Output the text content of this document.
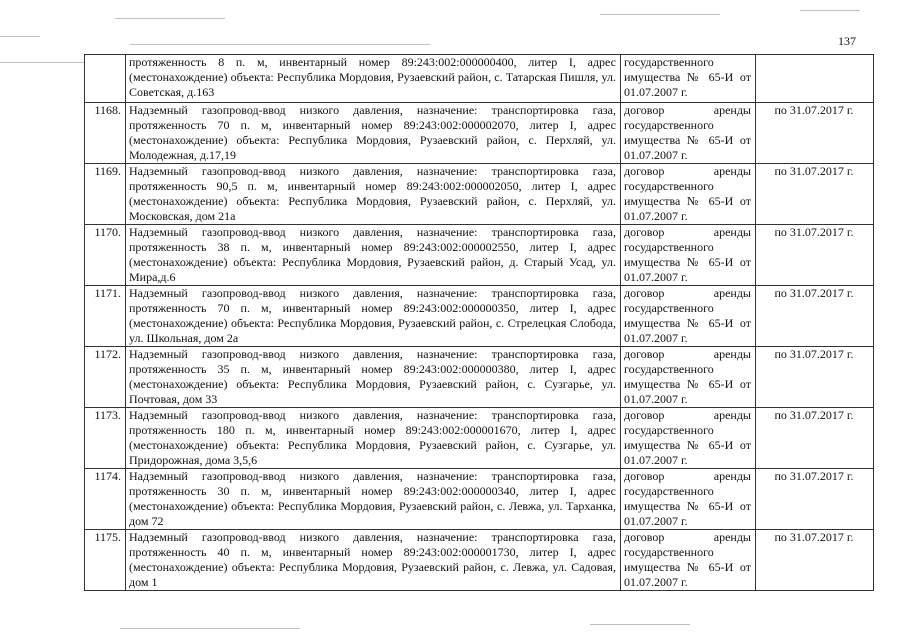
137
	протяженность 8 п. м, инвентарный номер 89:243:002:000000400, литер I, адрес (местонахождение) объекта: Республика Мордовия, Рузаевский район, с. Татарская Пишля, ул. Советская, д.163	государственного имущества № 65-И от 01.07.2007 г.	
1168.	Надземный газопровод-ввод низкого давления, назначение: транспортировка газа, протяженность 70 п. м, инвентарный номер 89:243:002:000002070, литер I, адрес (местонахождение) объекта: Республика Мордовия, Рузаевский район, с. Перхляй, ул. Молодежная, д.17,19	договор аренды государственного имущества № 65-И от 01.07.2007 г.	по 31.07.2017 г.
1169.	Надземный газопровод-ввод низкого давления, назначение: транспортировка газа, протяженность 90,5 п. м, инвентарный номер 89:243:002:000002050, литер I, адрес (местонахождение) объекта: Республика Мордовия, Рузаевский район, с. Перхляй, ул. Московская, дом 21а	договор аренды государственного имущества № 65-И от 01.07.2007 г.	по 31.07.2017 г.
1170.	Надземный газопровод-ввод низкого давления, назначение: транспортировка газа, протяженность 38 п. м, инвентарный номер 89:243:002:000002550, литер I, адрес (местонахождение) объекта: Республика Мордовия, Рузаевский район, д. Старый Усад, ул. Мира,д.6	договор аренды государственного имущества № 65-И от 01.07.2007 г.	по 31.07.2017 г.
1171.	Надземный газопровод-ввод низкого давления, назначение: транспортировка газа, протяженность 70 п. м, инвентарный номер 89:243:002:000000350, литер I, адрес (местонахождение) объекта: Республика Мордовия, Рузаевский район, с. Стрелецкая Слобода, ул. Школьная, дом 2а	договор аренды государственного имущества № 65-И от 01.07.2007 г.	по 31.07.2017 г.
1172.	Надземный газопровод-ввод низкого давления, назначение: транспортировка газа, протяженность 35 п. м, инвентарный номер 89:243:002:000000380, литер I, адрес (местонахождение) объекта: Республика Мордовия, Рузаевский район, с. Сузгарье, ул. Почтовая, дом 33	договор аренды государственного имущества № 65-И от 01.07.2007 г.	по 31.07.2017 г.
1173.	Надземный газопровод-ввод низкого давления, назначение: транспортировка газа, протяженность 180 п. м, инвентарный номер 89:243:002:000001670, литер I, адрес (местонахождение) объекта: Республика Мордовия, Рузаевский район, с. Сузгарье, ул. Придорожная, дома 3,5,6	договор аренды государственного имущества № 65-И от 01.07.2007 г.	по 31.07.2017 г.
1174.	Надземный газопровод-ввод низкого давления, назначение: транспортировка газа, протяженность 30 п. м, инвентарный номер 89:243:002:000000340, литер I, адрес (местонахождение) объекта: Республика Мордовия, Рузаевский район, с. Левжа, ул. Тарханка, дом 72	договор аренды государственного имущества № 65-И от 01.07.2007 г.	по 31.07.2017 г.
1175.	Надземный газопровод-ввод низкого давления, назначение: транспортировка газа, протяженность 40 п. м, инвентарный номер 89:243:002:000001730, литер I, адрес (местонахождение) объекта: Республика Мордовия, Рузаевский район, с. Левжа, ул. Садовая, дом 1	договор аренды государственного имущества № 65-И от 01.07.2007 г.	по 31.07.2017 г.
